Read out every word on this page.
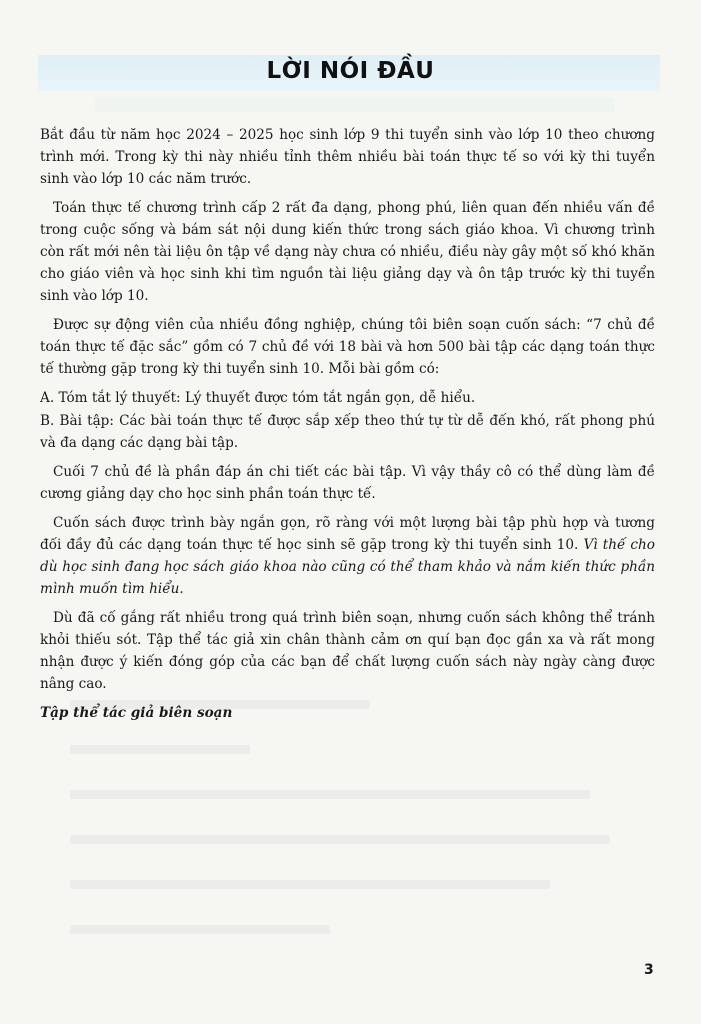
LỜI NÓI ĐẦU

Bắt đầu từ năm học 2024 – 2025 học sinh lớp 9 thi tuyển sinh vào lớp 10 theo chương trình mới. Trong kỳ thi này nhiều tỉnh thêm nhiều bài toán thực tế so với kỳ thi tuyển sinh vào lớp 10 các năm trước.

Toán thực tế chương trình cấp 2 rất đa dạng, phong phú, liên quan đến nhiều vấn đề trong cuộc sống và bám sát nội dung kiến thức trong sách giáo khoa. Vì chương trình còn rất mới nên tài liệu ôn tập về dạng này chưa có nhiều, điều này gây một số khó khăn cho giáo viên và học sinh khi tìm nguồn tài liệu giảng dạy và ôn tập trước kỳ thi tuyển sinh vào lớp 10.

Được sự động viên của nhiều đồng nghiệp, chúng tôi biên soạn cuốn sách: “7 chủ đề toán thực tế đặc sắc” gồm có 7 chủ đề với 18 bài và hơn 500 bài tập các dạng toán thực tế thường gặp trong kỳ thi tuyển sinh 10. Mỗi bài gồm có:

A. Tóm tắt lý thuyết: Lý thuyết được tóm tắt ngắn gọn, dễ hiểu.

B. Bài tập: Các bài toán thực tế được sắp xếp theo thứ tự từ dễ đến khó, rất phong phú và đa dạng các dạng bài tập.

Cuối 7 chủ đề là phần đáp án chi tiết các bài tập. Vì vậy thầy cô có thể dùng làm đề cương giảng dạy cho học sinh phần toán thực tế.

Cuốn sách được trình bày ngắn gọn, rõ ràng với một lượng bài tập phù hợp và tương đối đầy đủ các dạng toán thực tế học sinh sẽ gặp trong kỳ thi tuyển sinh 10. Vì thế cho dù học sinh đang học sách giáo khoa nào cũng có thể tham khảo và nắm kiến thức phần mình muốn tìm hiểu.

Dù đã cố gắng rất nhiều trong quá trình biên soạn, nhưng cuốn sách không thể tránh khỏi thiếu sót. Tập thể tác giả xin chân thành cảm ơn quí bạn đọc gần xa và rất mong nhận được ý kiến đóng góp của các bạn để chất lượng cuốn sách này ngày càng được nâng cao.

Tập thể tác giả biên soạn

3
